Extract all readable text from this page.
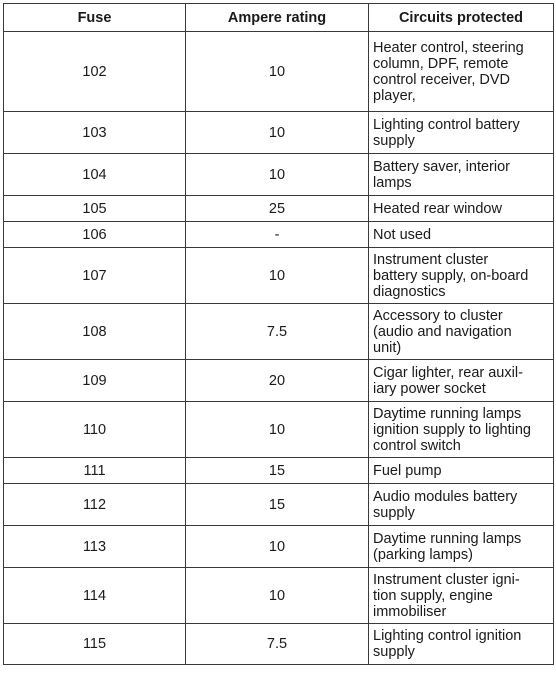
Fuse	Ampere rating	Circuits protected
102	10	Heater control, steering
column, DPF, remote
control receiver, DVD
player,

103	10	Lighting control battery
supply

104	10	Battery saver, interior
lamps

105	25	Heated rear window

106	-	Not used

107	10	Instrument cluster
battery supply, on-board
diagnostics

108	7.5	Accessory to cluster
(audio and navigation
unit)

109	20	Cigar lighter, rear auxil-
iary power socket

110	10	Daytime running lamps
ignition supply to lighting
control switch

111	15	Fuel pump

112	15	Audio modules battery
supply

113	10	Daytime running lamps
(parking lamps)

114	10	Instrument cluster igni-
tion supply, engine
immobiliser

115	7.5	Lighting control ignition
supply
